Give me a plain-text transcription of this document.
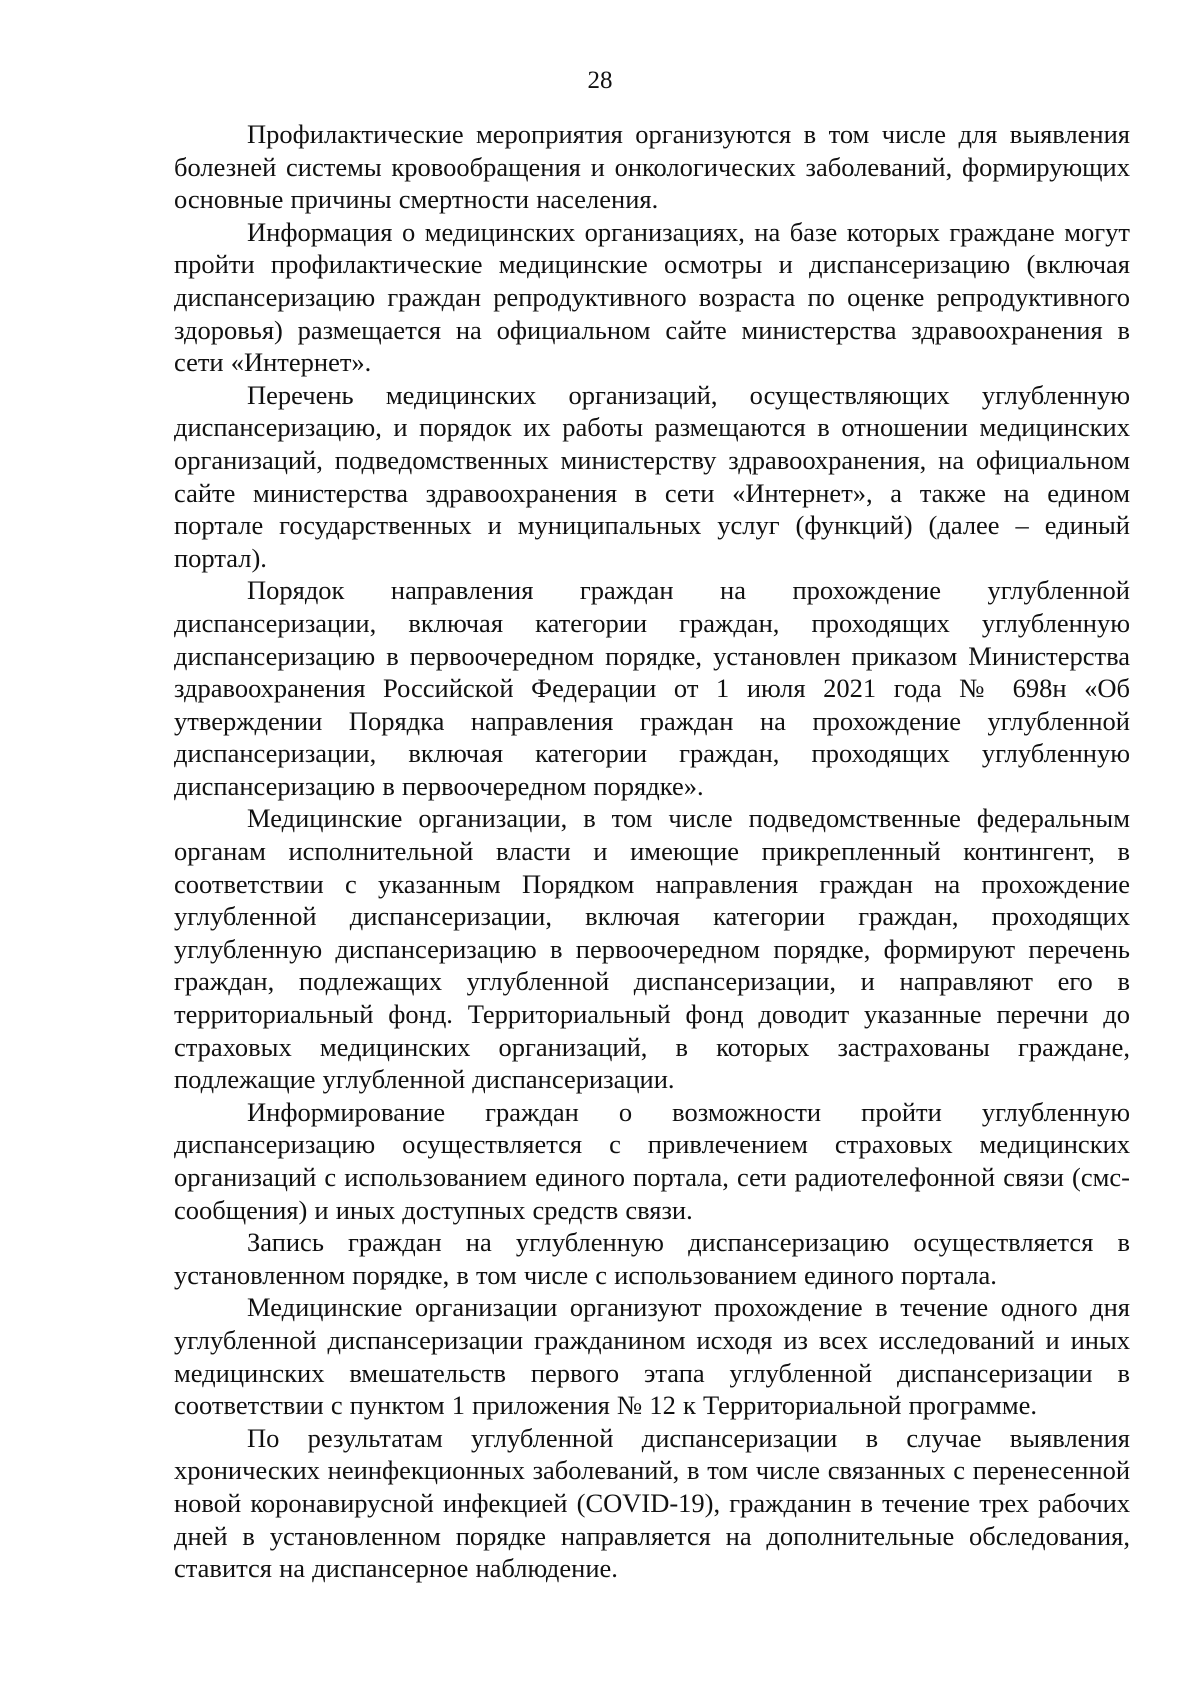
28

Профилактические мероприятия организуются в том числе для выявления болезней системы кровообращения и онкологических заболеваний, формирующих основные причины смертности населения.

Информация о медицинских организациях, на базе которых граждане могут пройти профилактические медицинские осмотры и диспансеризацию (включая диспансеризацию граждан репродуктивного возраста по оценке репродуктивного здоровья) размещается на официальном сайте министерства здравоохранения в сети «Интернет».

Перечень медицинских организаций, осуществляющих углубленную диспансеризацию, и порядок их работы размещаются в отношении медицинских организаций, подведомственных министерству здравоохранения, на официальном сайте министерства здравоохранения в сети «Интернет», а также на едином портале государственных и муниципальных услуг (функций) (далее – единый портал).

Порядок направления граждан на прохождение углубленной диспансеризации, включая категории граждан, проходящих углубленную диспансеризацию в первоочередном порядке, установлен приказом Министерства здравоохранения Российской Федерации от 1 июля 2021 года № 698н «Об утверждении Порядка направления граждан на прохождение углубленной диспансеризации, включая категории граждан, проходящих углубленную диспансеризацию в первоочередном порядке».

Медицинские организации, в том числе подведомственные федеральным органам исполнительной власти и имеющие прикрепленный контингент, в соответствии с указанным Порядком направления граждан на прохождение углубленной диспансеризации, включая категории граждан, проходящих углубленную диспансеризацию в первоочередном порядке, формируют перечень граждан, подлежащих углубленной диспансеризации, и направляют его в территориальный фонд. Территориальный фонд доводит указанные перечни до страховых медицинских организаций, в которых застрахованы граждане, подлежащие углубленной диспансеризации.

Информирование граждан о возможности пройти углубленную диспансеризацию осуществляется с привлечением страховых медицинских организаций с использованием единого портала, сети радиотелефонной связи (смс-сообщения) и иных доступных средств связи.

Запись граждан на углубленную диспансеризацию осуществляется в установленном порядке, в том числе с использованием единого портала.

Медицинские организации организуют прохождение в течение одного дня углубленной диспансеризации гражданином исходя из всех исследований и иных медицинских вмешательств первого этапа углубленной диспансеризации в соответствии с пунктом 1 приложения № 12 к Территориальной программе.

По результатам углубленной диспансеризации в случае выявления хронических неинфекционных заболеваний, в том числе связанных с перенесенной новой коронавирусной инфекцией (COVID-19), гражданин в течение трех рабочих дней в установленном порядке направляется на дополнительные обследования, ставится на диспансерное наблюдение.
